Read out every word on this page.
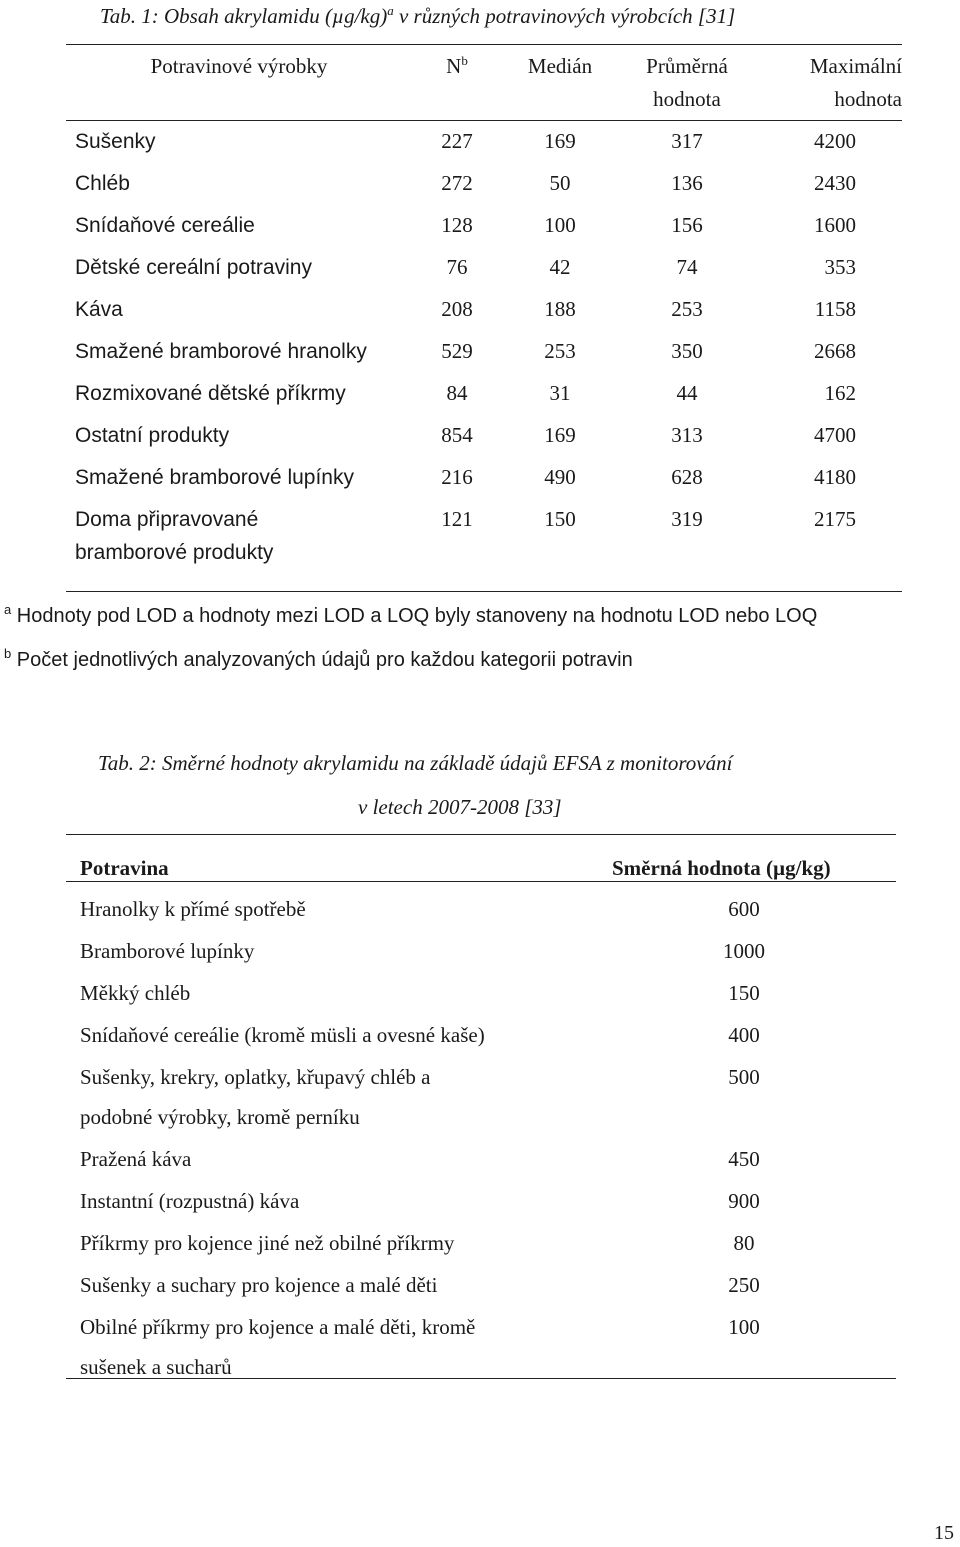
Tab. 1: Obsah akrylamidu $(\mu g/kg)^a$ v různých potravinových výrobcích [31]
Potravinové výrobky	$N^b$	Medián	Průměrná	Maximální
			hodnota	hodnota
Sušenky	227	169	317	4200
Chléb	272	50	136	2430
Snídaňové cereálie	128	100	156	1600
Dětské cereální potraviny	76	42	74	353
Káva	208	188	253	1158
Smažené bramborové hranolky	529	253	350	2668
Rozmixované dětské příkrmy	84	31	44	162
Ostatní produkty	854	169	313	4700
Smažené bramborové lupínky	216	490	628	4180
Doma připravované	121	150	319	2175
bramborové produkty				
$^a$ Hodnoty pod LOD a hodnoty mezi LOD a LOQ byly stanoveny na hodnotu LOD nebo LOQ
$^b$ Počet jednotlivých analyzovaných údajů pro každou kategorii potravin
Tab. 2: Směrné hodnoty akrylamidu na základě údajů EFSA z monitorování
v letech 2007-2008 [33]
Potravina	Směrná hodnota (µg/kg)
Hranolky k přímé spotřebě	600
Bramborové lupínky	1000
Měkký chléb	150
Snídaňové cereálie (kromě müsli a ovesné kaše)	400
Sušenky, krekry, oplatky, křupavý chléb a	500
podobné výrobky, kromě perníku
Pražená káva	450
Instantní (rozpustná) káva	900
Příkrmy pro kojence jiné než obilné příkrmy	80
Sušenky a suchary pro kojence a malé děti	250
Obilné příkrmy pro kojence a malé děti, kromě	100
sušenek a sucharů
15
